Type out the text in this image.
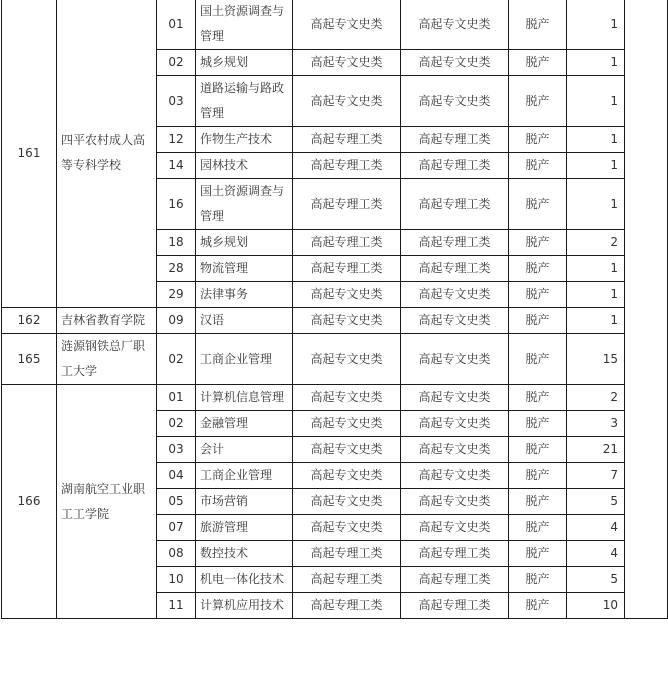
161	四平农村成人高等专科学校	01	国土资源调查与管理	高起专文史类	高起专文史类	脱产	1	
		02	城乡规划	高起专文史类	高起专文史类	脱产	1	
		03	道路运输与路政管理	高起专文史类	高起专文史类	脱产	1	
		12	作物生产技术	高起专理工类	高起专理工类	脱产	1	
		14	园林技术	高起专理工类	高起专理工类	脱产	1	
		16	国土资源调查与管理	高起专理工类	高起专理工类	脱产	1	
		18	城乡规划	高起专理工类	高起专理工类	脱产	2	
		28	物流管理	高起专理工类	高起专理工类	脱产	1	
		29	法律事务	高起专文史类	高起专文史类	脱产	1	
162	吉林省教育学院	09	汉语	高起专文史类	高起专文史类	脱产	1	
165	涟源钢铁总厂职工大学	02	工商企业管理	高起专文史类	高起专文史类	脱产	15	
166	湖南航空工业职工工学院	01	计算机信息管理	高起专文史类	高起专文史类	脱产	2	
		02	金融管理	高起专文史类	高起专文史类	脱产	3	
		03	会计	高起专文史类	高起专文史类	脱产	21	
		04	工商企业管理	高起专文史类	高起专文史类	脱产	7	
		05	市场营销	高起专文史类	高起专文史类	脱产	5	
		07	旅游管理	高起专文史类	高起专文史类	脱产	4	
		08	数控技术	高起专理工类	高起专理工类	脱产	4	
		10	机电一体化技术	高起专理工类	高起专理工类	脱产	5	
		11	计算机应用技术	高起专理工类	高起专理工类	脱产	10	
